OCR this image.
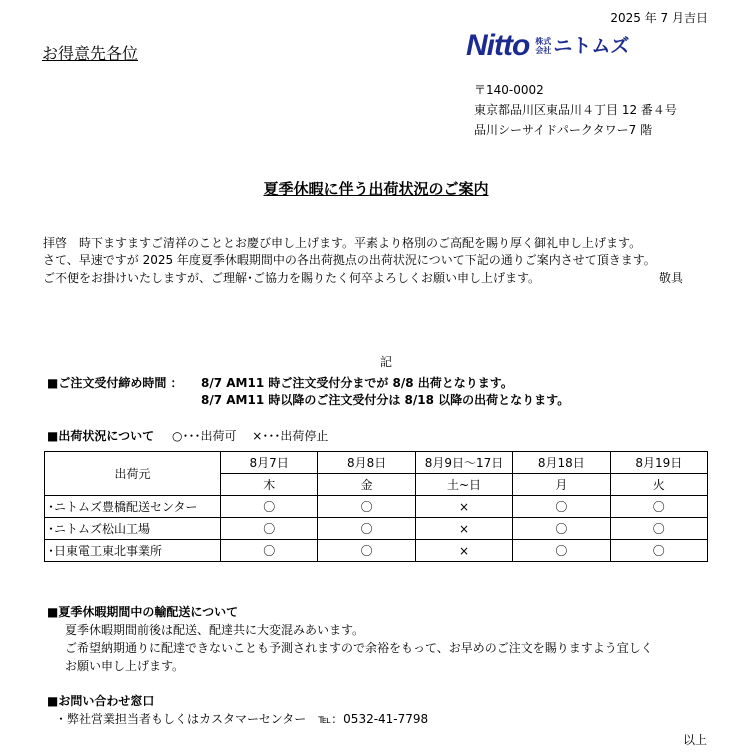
2025 年 7 月吉日
お得意先各位	Nitto 株式
会社 ニトムズ
〒140-0002
東京都品川区東品川４丁目 12 番４号
品川シーサイドパークタワー7 階
夏季休暇に伴う出荷状況のご案内
拝啓　時下ますますご清祥のこととお慶び申し上げます。平素より格別のご高配を賜り厚く御礼申し上げます。
さて、早速ですが 2025 年度夏季休暇期間中の各出荷拠点の出荷状況について下記の通りご案内させて頂きます。
ご不便をお掛けいたしますが、ご理解･ご協力を賜りたく何卒よろしくお願い申し上げます。	敬具
記
■ご注文受付締め時間 ： 8/7 AM11 時ご注文受付分までが 8/8 出荷となります。
8/7 AM11 時以降のご注文受付分は 8/18 以降の出荷となります。
■出荷状況について ○･･･出荷可　 ×･･･出荷停止
出荷元	8月7日	8月8日	8月9日～17日	8月18日	8月19日
	木	金	土~日	月	火
･ニトムズ豊橋配送センター	〇	〇	×	〇	〇
･ニトムズ松山工場	〇	〇	×	〇	〇
･日東電工東北事業所	〇	〇	×	〇	〇
■夏季休暇期間中の輸配送について
夏季休暇期間前後は配送、配達共に大変混みあいます。
ご希望納期通りに配達できないことも予測されますので余裕をもって、お早めのご注文を賜りますよう宜しく
お願い申し上げます。
■お問い合わせ窓口
・弊社営業担当者もしくはカスタマーセンター　℡：0532-41-7798
以上
